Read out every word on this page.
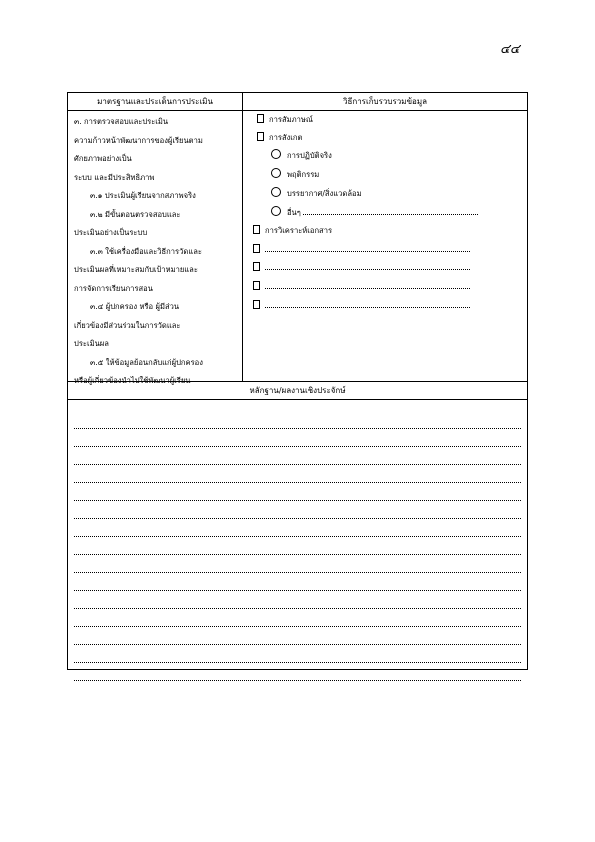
๔๔
มาตรฐานและประเด็นการประเมิน	วิธีการเก็บรวบรวมข้อมูล
๓. การตรวจสอบและประเมิน
ความก้าวหน้าพัฒนาการของผู้เรียนตาม
ศักยภาพอย่างเป็น
ระบบ และมีประสิทธิภาพ
๓.๑ ประเมินผู้เรียนจากสภาพจริง
๓.๒ มีขั้นตอนตรวจสอบและ
ประเมินอย่างเป็นระบบ
๓.๓ ใช้เครื่องมือและวิธีการวัดและ
ประเมินผลที่เหมาะสมกับเป้าหมายและ
การจัดการเรียนการสอน
๓.๔ ผู้ปกครอง หรือ ผู้มีส่วน
เกี่ยวข้องมีส่วนร่วมในการวัดและ
ประเมินผล
๓.๕ ให้ข้อมูลย้อนกลับแก่ผู้ปกครอง
หรือผู้เกี่ยวข้องนำไปใช้พัฒนาผู้เรียน
การสัมภาษณ์
การสังเกต
การปฏิบัติจริง
พฤติกรรม
บรรยากาศ/สิ่งแวดล้อม
อื่นๆ
การวิเคราะห์เอกสาร
หลักฐาน/ผลงานเชิงประจักษ์
